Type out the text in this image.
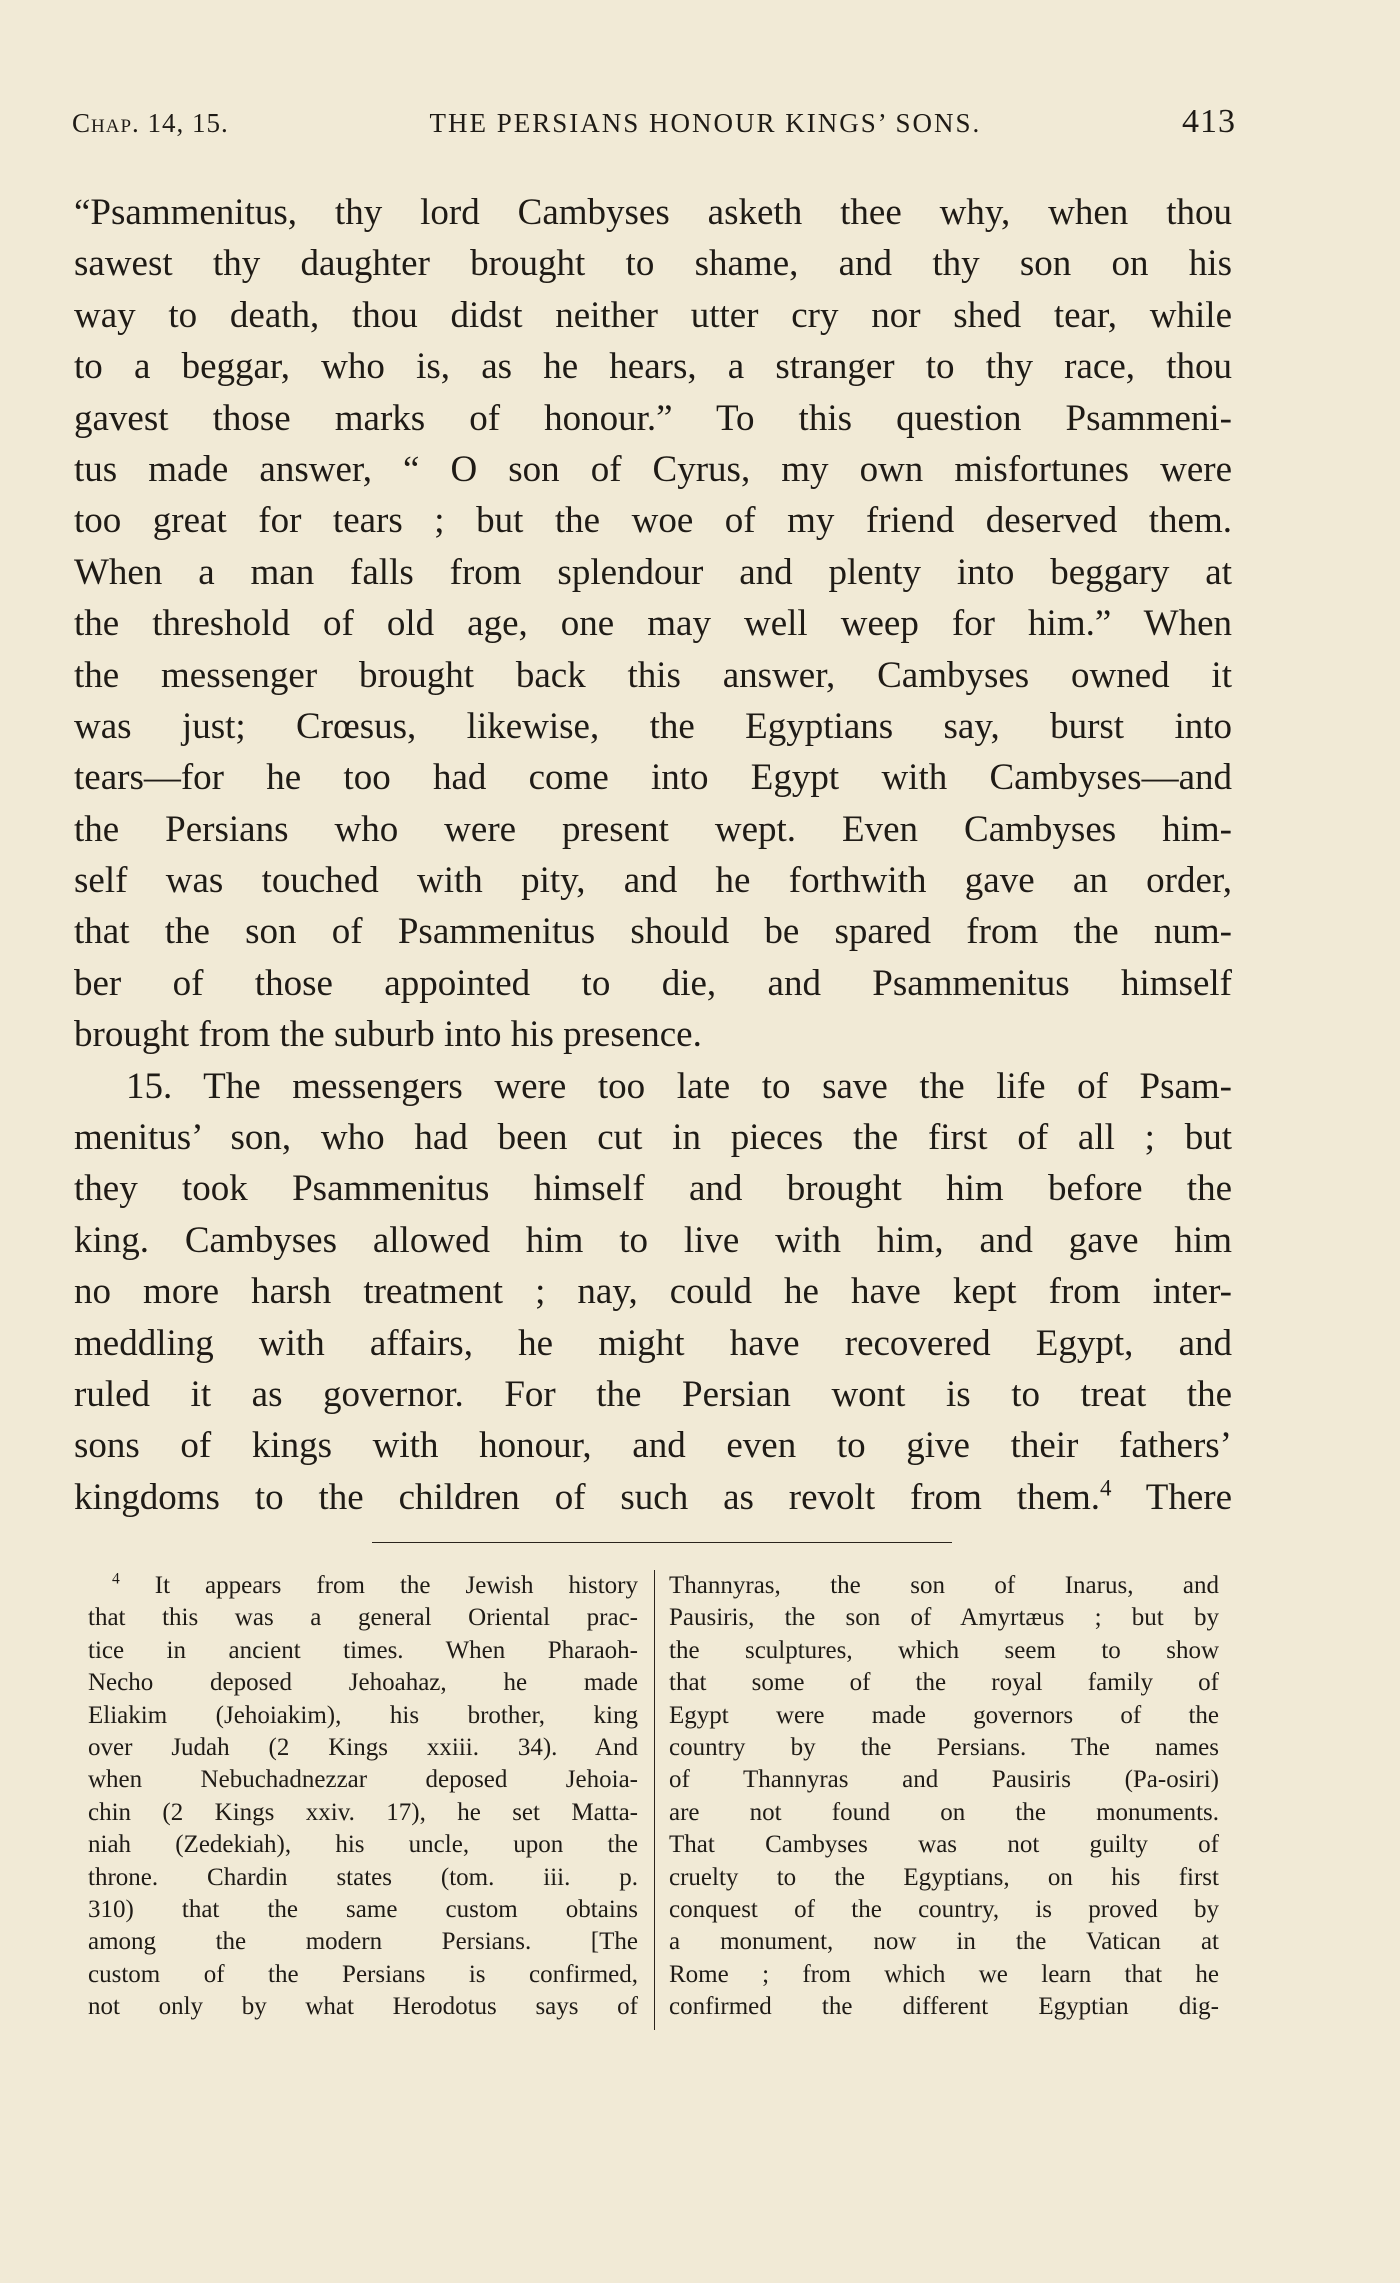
Chap. 14, 15.	THE PERSIANS HONOUR KINGS’ SONS.	413
“Psammenitus, thy lord Cambyses asketh thee why, when thou
sawest thy daughter brought to shame, and thy son on his
way to death, thou didst neither utter cry nor shed tear, while
to a beggar, who is, as he hears, a stranger to thy race, thou
gavest those marks of honour.” To this question Psammeni-
tus made answer, “ O son of Cyrus, my own misfortunes were
too great for tears ; but the woe of my friend deserved them.
When a man falls from splendour and plenty into beggary at
the threshold of old age, one may well weep for him.” When
the messenger brought back this answer, Cambyses owned it
was just; Crœsus, likewise, the Egyptians say, burst into
tears—for he too had come into Egypt with Cambyses—and
the Persians who were present wept. Even Cambyses him-
self was touched with pity, and he forthwith gave an order,
that the son of Psammenitus should be spared from the num-
ber of those appointed to die, and Psammenitus himself
brought from the suburb into his presence.
15. The messengers were too late to save the life of Psam-
menitus’ son, who had been cut in pieces the first of all ; but
they took Psammenitus himself and brought him before the
king. Cambyses allowed him to live with him, and gave him
no more harsh treatment ; nay, could he have kept from inter-
meddling with affairs, he might have recovered Egypt, and
ruled it as governor. For the Persian wont is to treat the
sons of kings with honour, and even to give their fathers’
kingdoms to the children of such as revolt from them.$^4$ There
$^4$ It appears from the Jewish history
that this was a general Oriental prac-
tice in ancient times. When Pharaoh-
Necho deposed Jehoahaz, he made
Eliakim (Jehoiakim), his brother, king
over Judah (2 Kings xxiii. 34). And
when Nebuchadnezzar deposed Jehoia-
chin (2 Kings xxiv. 17), he set Matta-
niah (Zedekiah), his uncle, upon the
throne. Chardin states (tom. iii. p.
310) that the same custom obtains
among the modern Persians. [The
custom of the Persians is confirmed,
not only by what Herodotus says of
Thannyras, the son of Inarus, and
Pausiris, the son of Amyrtæus ; but by
the sculptures, which seem to show
that some of the royal family of
Egypt were made governors of the
country by the Persians. The names
of Thannyras and Pausiris (Pa-osiri)
are not found on the monuments.
That Cambyses was not guilty of
cruelty to the Egyptians, on his first
conquest of the country, is proved by
a monument, now in the Vatican at
Rome ; from which we learn that he
confirmed the different Egyptian dig-
